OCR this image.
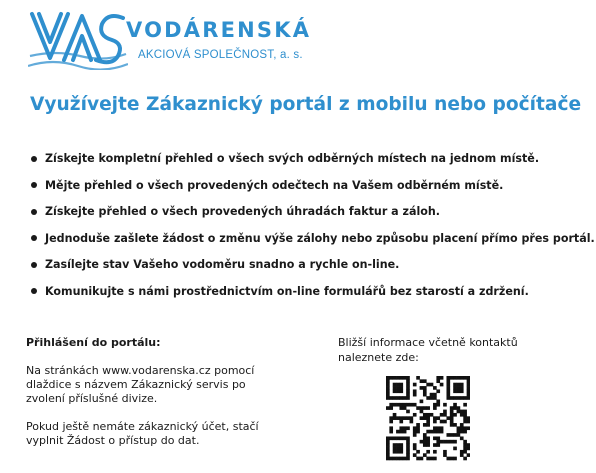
VODÁRENSKÁ
AKCIOVÁ SPOLEČNOST, a. s.
Využívejte Zákaznický portál z mobilu nebo počítače
Získejte kompletní přehled o všech svých odběrných místech na jednom místě.
Mějte přehled o všech provedených odečtech na Vašem odběrném místě.
Získejte přehled o všech provedených úhradách faktur a záloh.
Jednoduše zašlete žádost o změnu výše zálohy nebo způsobu placení přímo přes portál.
Zasílejte stav Vašeho vodoměru snadno a rychle on-line.
Komunikujte s námi prostřednictvím on-line formulářů bez starostí a zdržení.
Přihlášení do portálu:
Na stránkách www.vodarenska.cz pomocí dlaždice s názvem Zákaznický servis po zvolení příslušné divize.
Pokud ještě nemáte zákaznický účet, stačí vyplnit Žádost o přístup do dat.
Bližší informace včetně kontaktů naleznete zde:
